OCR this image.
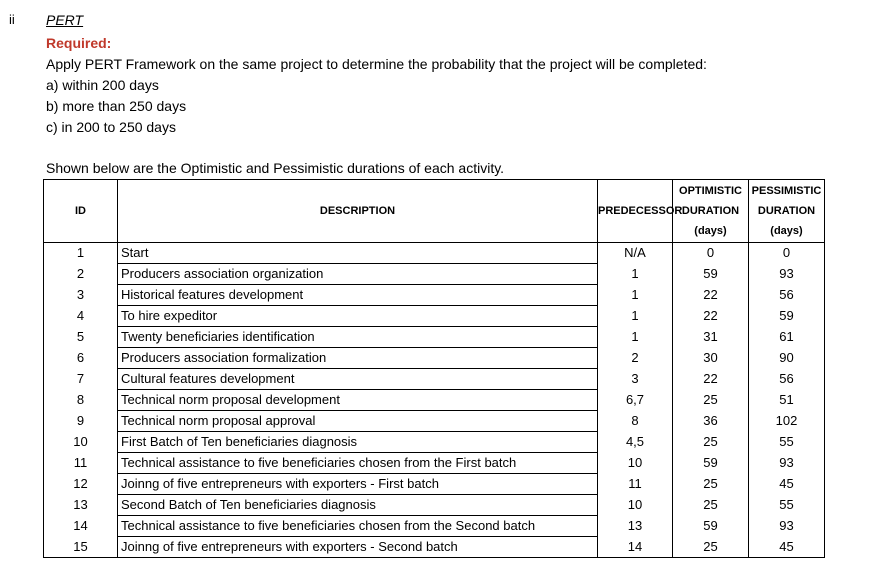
ii PERT
Required:
Apply PERT Framework on the same project to determine the probability that the project will be completed:
a) within 200 days
b) more than 250 days
c) in 200 to 250 days
Shown below are the Optimistic and Pessimistic durations of each activity.
ID	DESCRIPTION	PREDECESSOR	OPTIMISTIC
DURATION
(days)	PESSIMISTIC
DURATION
(days)

1	Start	N/A	0	0
2	Producers association organization	1	59	93
3	Historical features development	1	22	56
4	To hire expeditor	1	22	59
5	Twenty beneficiaries identification	1	31	61
6	Producers association formalization	2	30	90
7	Cultural features development	3	22	56
8	Technical norm proposal development	6,7	25	51
9	Technical norm proposal approval	8	36	102
10	First Batch of Ten beneficiaries diagnosis	4,5	25	55
11	Technical assistance to five beneficiaries chosen from the First batch	10	59	93
12	Joinng of five entrepreneurs with exporters - First batch	11	25	45
13	Second Batch of Ten beneficiaries diagnosis	10	25	55
14	Technical assistance to five beneficiaries chosen from the Second batch	13	59	93
15	Joinng of five entrepreneurs with exporters - Second batch	14	25	45
